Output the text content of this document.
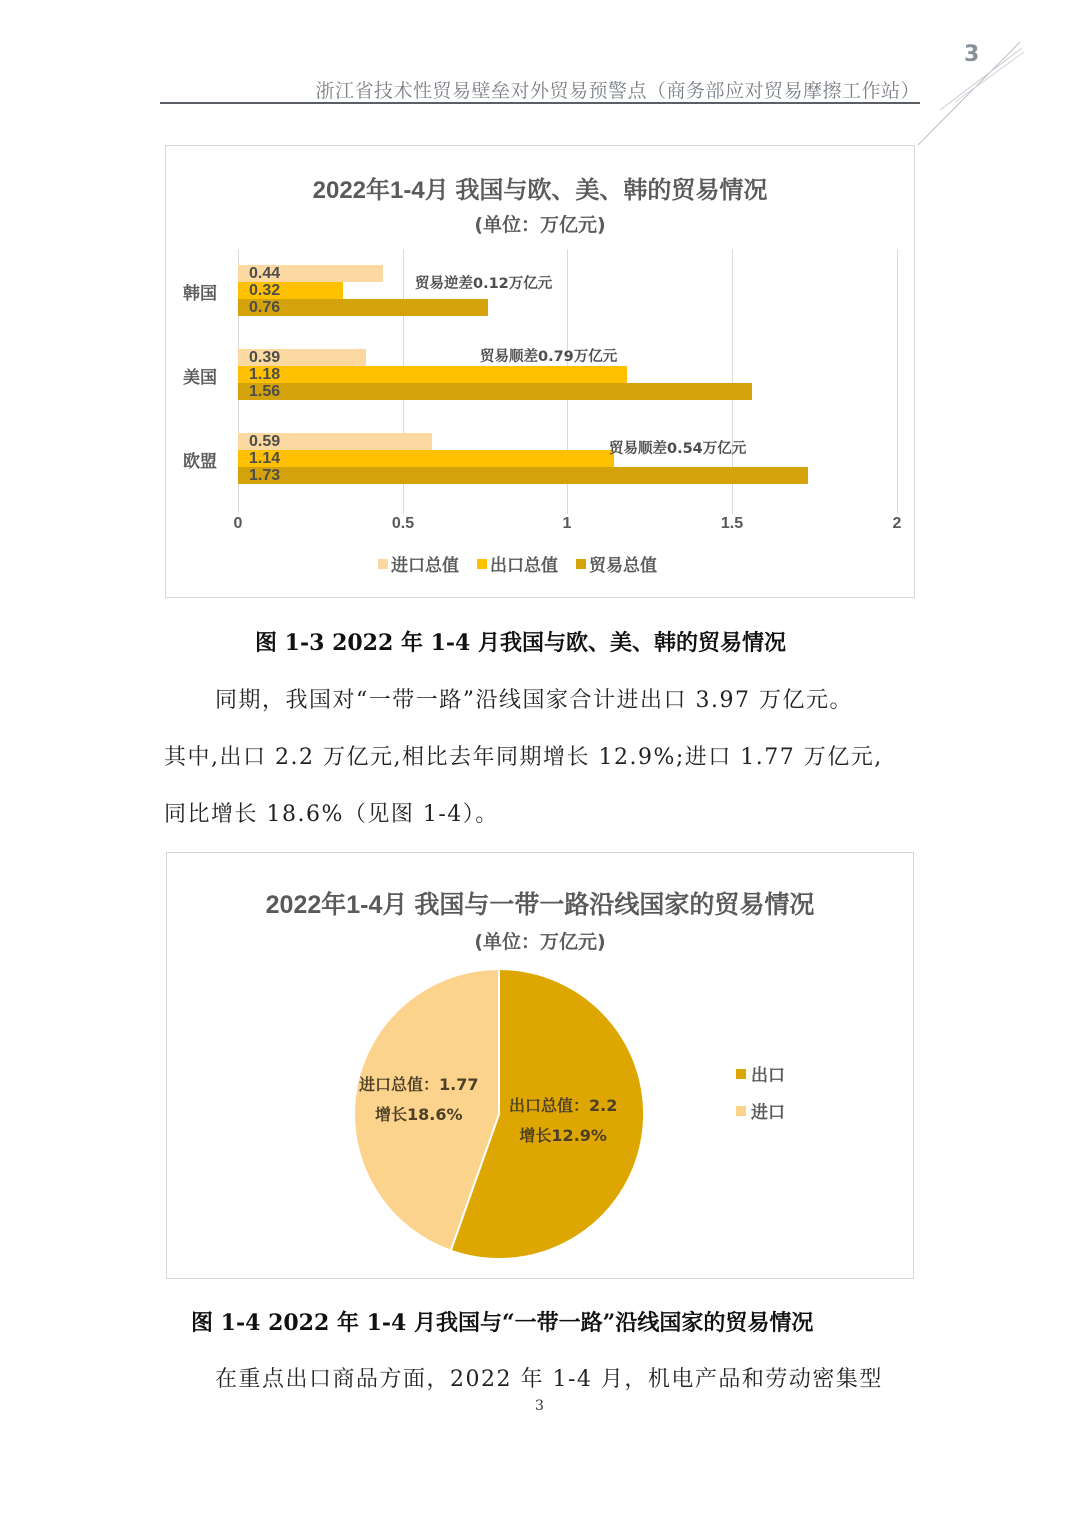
3
浙江省技术性贸易壁垒对外贸易预警点（商务部应对贸易摩擦工作站）
2022年1-4月 我国与欧、美、韩的贸易情况
(单位：万亿元)
韩国
0.44
0.32
0.76
贸易逆差0.12万亿元
美国
0.39
1.18
1.56
贸易顺差0.79万亿元
欧盟
0.59
1.14
1.73
贸易顺差0.54万亿元
0	0.5	1	1.5	2
进口总值 出口总值 贸易总值
图 1-3 2022 年 1-4 月我国与欧、美、韩的贸易情况
同期，我国对“一带一路”沿线国家合计进出口 3.97 万亿元。
其中,出口 2.2 万亿元,相比去年同期增长 12.9%;进口 1.77 万亿元,
同比增长 18.6%（见图 1-4）。
2022年1-4月 我国与一带一路沿线国家的贸易情况
(单位：万亿元)
进口总值：1.77
增长18.6%	出口总值：2.2
增长12.9%
出口
进口
图 1-4 2022 年 1-4 月我国与“一带一路”沿线国家的贸易情况
在重点出口商品方面，2022 年 1-4 月，机电产品和劳动密集型
3
